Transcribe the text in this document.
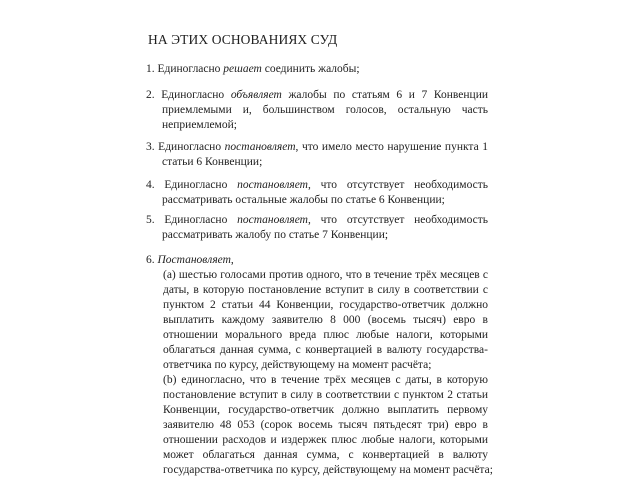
НА ЭТИХ ОСНОВАНИЯХ СУД
1. Единогласно решает соединить жалобы;
2. Единогласно объявляет жалобы по статьям 6 и 7 Конвенции
приемлемыми и, большинством голосов, остальную часть
неприемлемой;
3. Единогласно постановляет, что имело место нарушение пункта 1
статьи 6 Конвенции;
4. Единогласно постановляет, что отсутствует необходимость
рассматривать остальные жалобы по статье 6 Конвенции;
5. Единогласно постановляет, что отсутствует необходимость
рассматривать жалобу по статье 7 Конвенции;
6. Постановляет,
(а) шестью голосами против одного, что в течение трёх месяцев с
даты, в которую постановление вступит в силу в соответствии с
пунктом 2 статьи 44 Конвенции, государство-ответчик должно
выплатить каждому заявителю 8 000 (восемь тысяч) евро в
отношении морального вреда плюс любые налоги, которыми
облагаться данная сумма, с конвертацией в валюту государства-
ответчика по курсу, действующему на момент расчёта;
(b) единогласно, что в течение трёх месяцев с даты, в которую
постановление вступит в силу в соответствии с пунктом 2 статьи
Конвенции, государство-ответчик должно выплатить первому
заявителю 48 053 (сорок восемь тысяч пятьдесят три) евро в
отношении расходов и издержек плюс любые налоги, которыми
может облагаться данная сумма, с конвертацией в валюту
государства-ответчика по курсу, действующему на момент расчёта;
